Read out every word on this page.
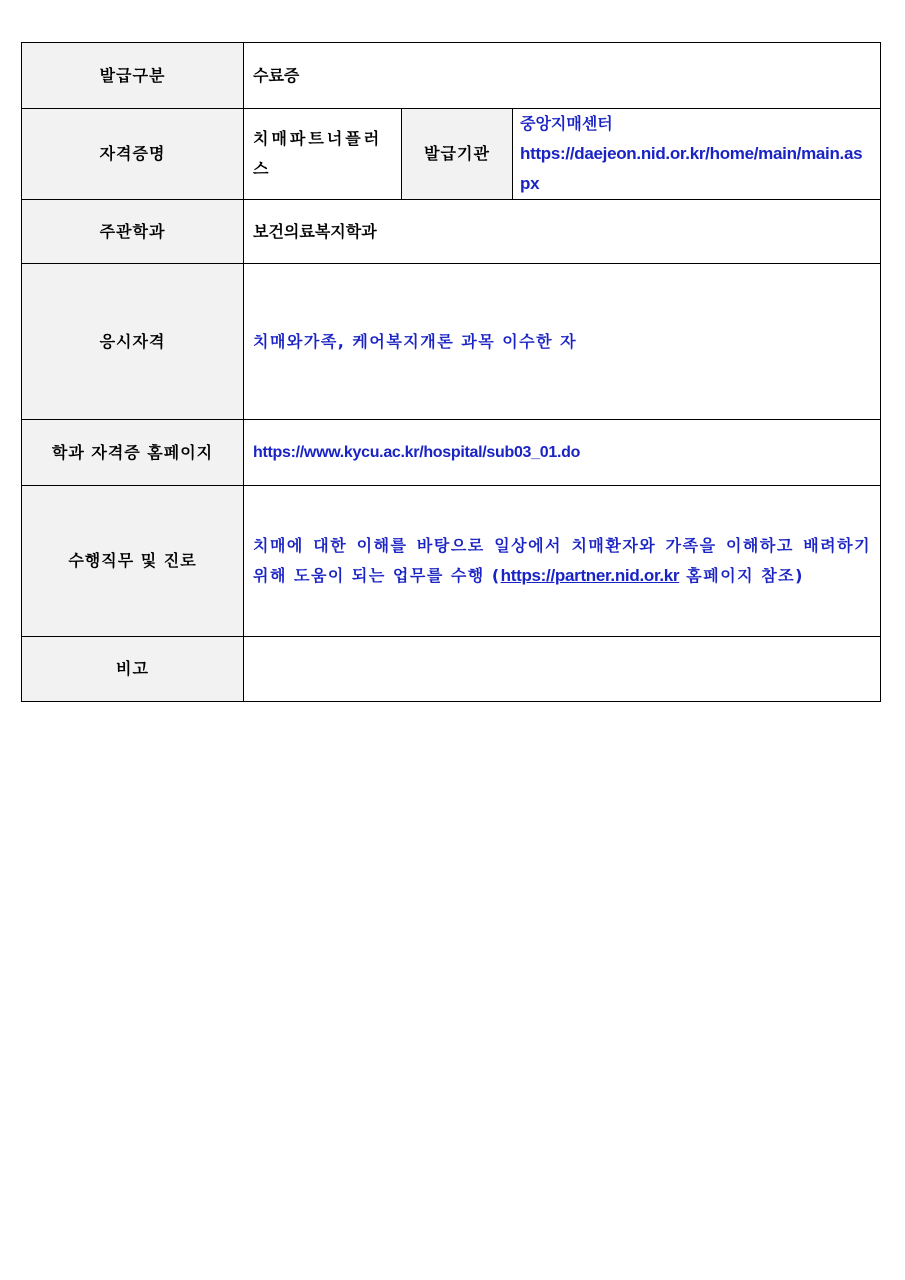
발급구분	수료증		
자격증명	치매파트너플러스	발급기관	중앙지매센터
https://daejeon.nid.or.kr/home/main/main.aspx

주관학과	보건의료복지학과		
응시자격	치매와가족, 케어복지개론 과목 이수한 자		
학과 자격증 홈페이지	https://www.kycu.ac.kr/hospital/sub03_01.do		
수행직무 및 진로	치매에 대한 이해를 바탕으로 일상에서 치매환자와 가족을 이해하고 배려하기 위해 도움이 되는 업무를 수행 (https://partner.nid.or.kr 홈페이지 참조)		
비고			
